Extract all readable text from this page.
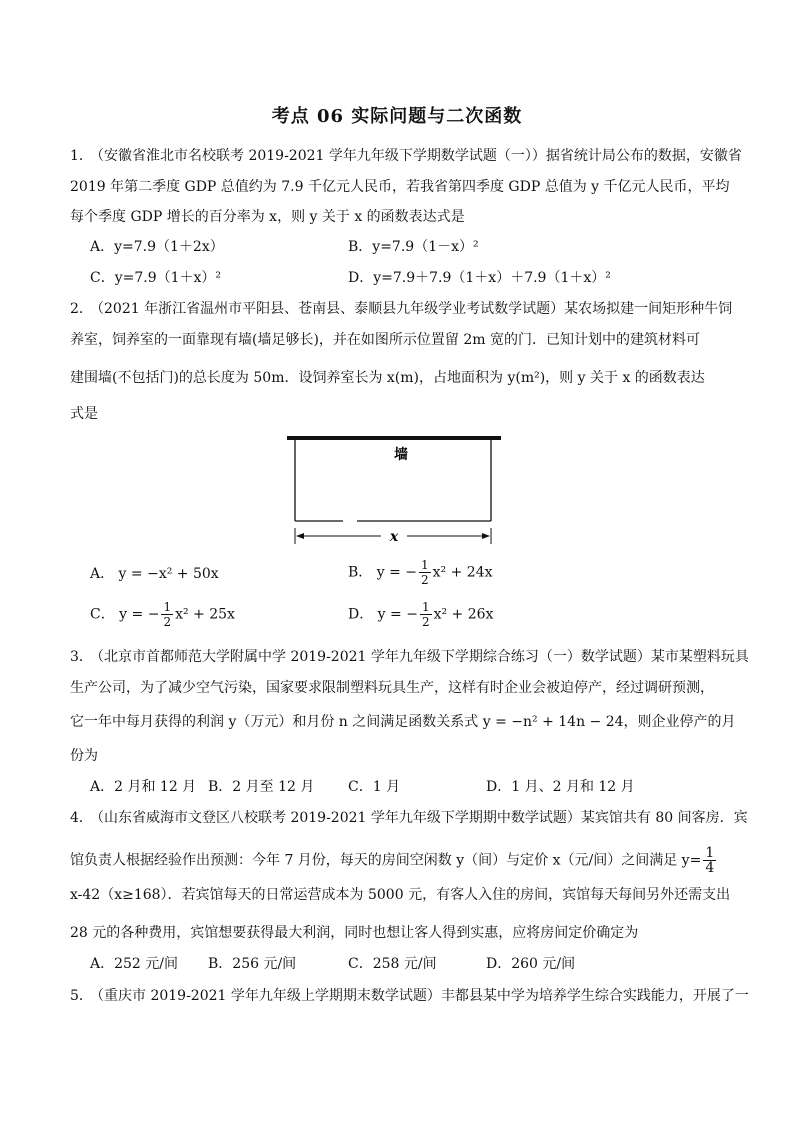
考点 06 实际问题与二次函数
1．
（安徽省淮北市名校联考 2019-2021 学年九年级下学期数学试题（一））据省统计局公布的数据，安徽省
2019 年第二季度 GDP 总值约为 7.9 千亿元人民币，若我省第四季度 GDP 总值为 y 千亿元人民币，平均
每个季度 GDP 增长的百分率为 x，则 y 关于 x 的函数表达式是
A．y=7.9（1＋2x）	B．y=7.9（1－x）²
C．y=7.9（1＋x）²	D．y=7.9＋7.9（1＋x）＋7.9（1＋x）²
2．
（2021 年浙江省温州市平阳县、苍南县、泰顺县九年级学业考试数学试题）某农场拟建一间矩形种牛饲
养室，饲养室的一面靠现有墙(墙足够长)，并在如图所示位置留 2m 宽的门．已知计划中的建筑材料可
建围墙(不包括门)的总长度为 50m．设饲养室长为 x(m)，占地面积为 y(m²)，则 y 关于 x 的函数表达
式是
墙
x
A． y = −x² + 50x	B． y = − $\frac{1}{2} x^2 + 24x$
C． y = − $\frac{1}{2} x^2 + 25x$	D． y = − $\frac{1}{2} x^2 + 26x$
3．
（北京市首都师范大学附属中学 2019-2021 学年九年级下学期综合练习（一）数学试题）某市某塑料玩具
生产公司，为了减少空气污染，国家要求限制塑料玩具生产，这样有时企业会被迫停产，经过调研预测，
它一年中每月获得的利润 y（万元）和月份 n 之间满足函数关系式 y = −n² + 14n − 24，则企业停产的月
份为
A．2 月和 12 月 B．2 月至 12 月 C．1 月	D．1 月、2 月和 12 月
4．
（山东省威海市文登区八校联考 2019-2021 学年九年级下学期期中数学试题）某宾馆共有 80 间客房．宾
馆负责人根据经验作出预测：今年 7 月份，每天的房间空闲数 y（间）与定价 x（元/间）之间满足 $y= \frac{1}{4}$
x-42（x≥168）．若宾馆每天的日常运营成本为 5000 元，有客人入住的房间，宾馆每天每间另外还需支出
28 元的各种费用，宾馆想要获得最大利润，同时也想让客人得到实惠，应将房间定价确定为
A．252 元/间 B．256 元/间	C．258 元/间	D．260 元/间
5．
（重庆市 2019-2021 学年九年级上学期期末数学试题）丰都县某中学为培养学生综合实践能力，开展了一
